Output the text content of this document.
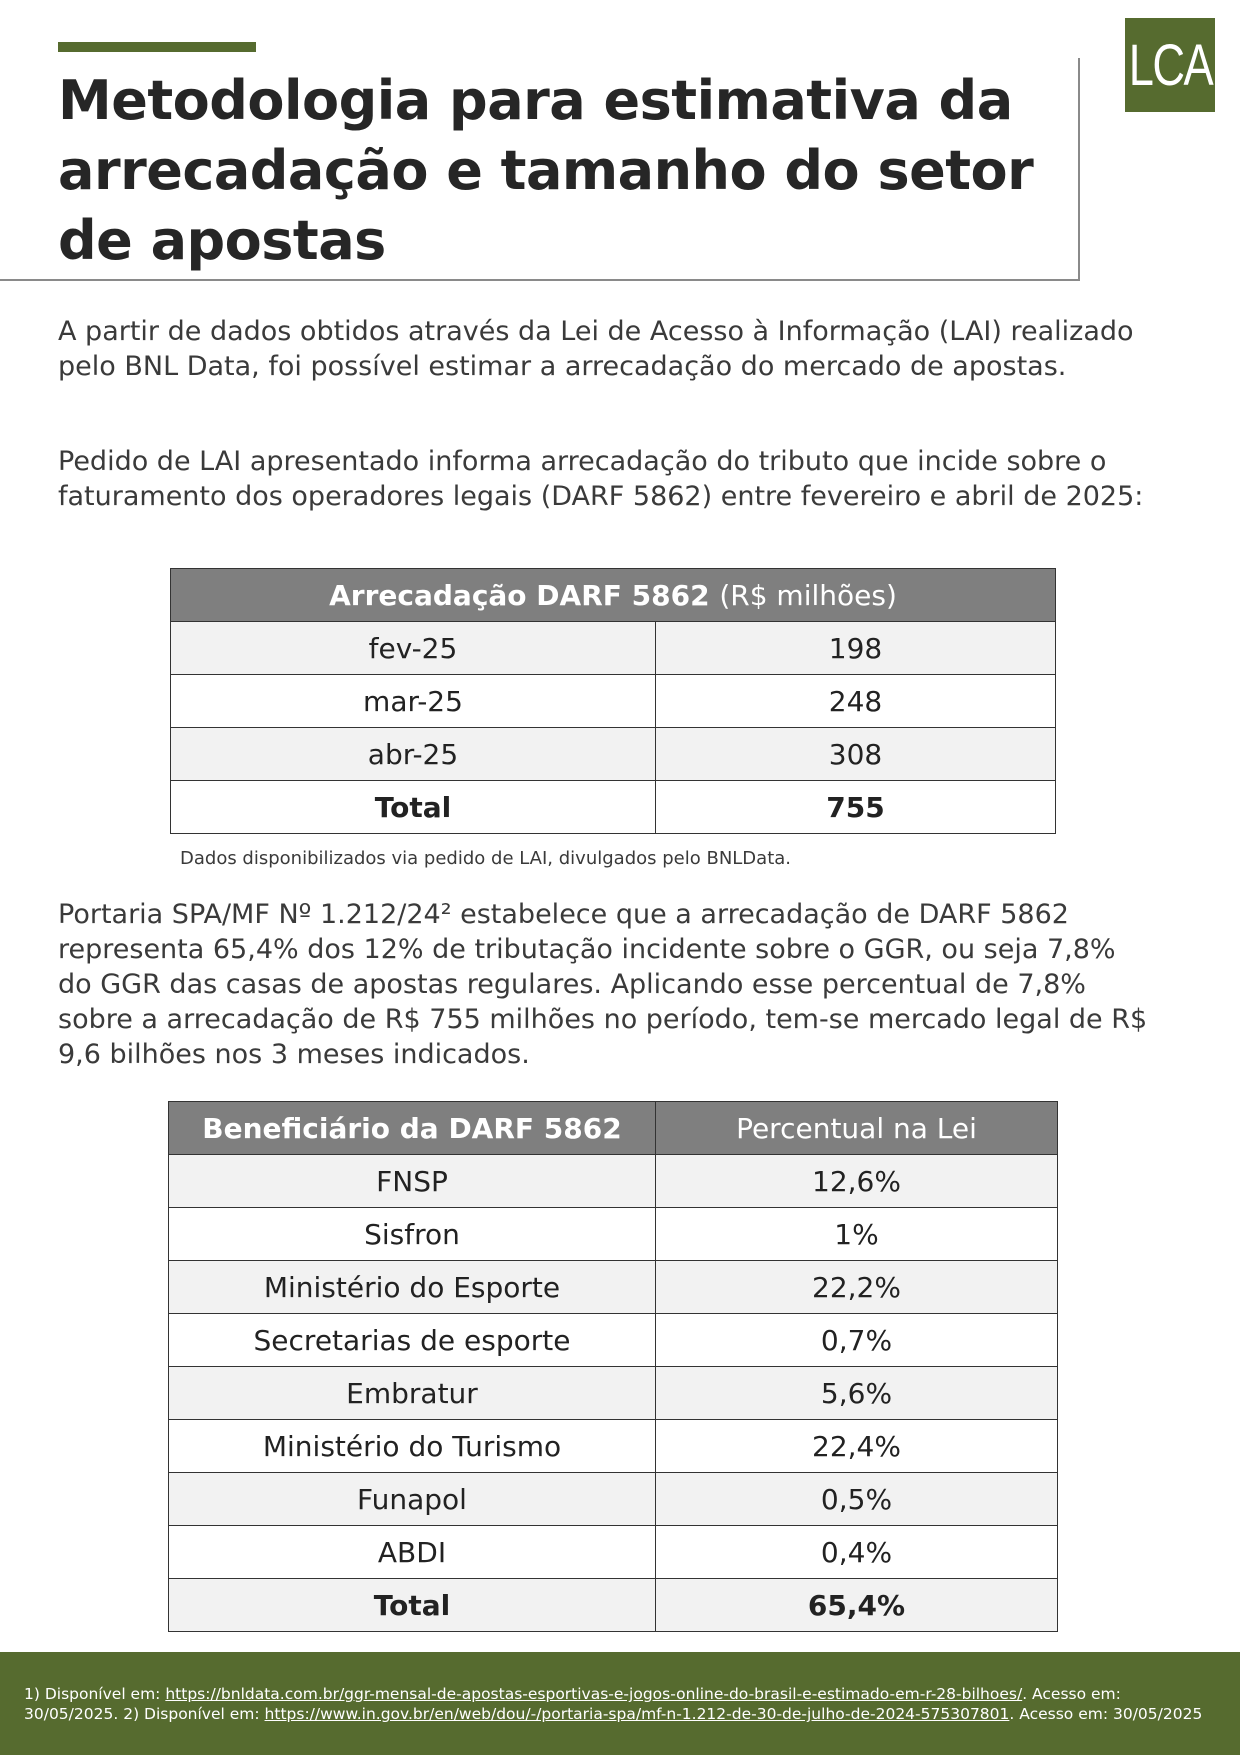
LCA
Metodologia para estimativa da arrecadação e tamanho do setor de apostas

A partir de dados obtidos através da Lei de Acesso à Informação (LAI) realizado pelo BNL Data, foi possível estimar a arrecadação do mercado de apostas.

Pedido de LAI apresentado informa arrecadação do tributo que incide sobre o faturamento dos operadores legais (DARF 5862) entre fevereiro e abril de 2025:

Arrecadação DARF 5862 (R$ milhões)	
fev-25	198
mar-25	248
abr-25	308
Total	755

Dados disponibilizados via pedido de LAI, divulgados pelo BNLData.

Portaria SPA/MF Nº 1.212/24² estabelece que a arrecadação de DARF 5862 representa 65,4% dos 12% de tributação incidente sobre o GGR, ou seja 7,8% do GGR das casas de apostas regulares. Aplicando esse percentual de 7,8% sobre a arrecadação de R$ 755 milhões no período, tem-se mercado legal de R$ 9,6 bilhões nos 3 meses indicados.

Beneficiário da DARF 5862	Percentual na Lei
FNSP	12,6%
Sisfron	1%
Ministério do Esporte	22,2%
Secretarias de esporte	0,7%
Embratur	5,6%
Ministério do Turismo	22,4%
Funapol	0,5%
ABDI	0,4%
Total	65,4%

1) Disponível em: https://bnldata.com.br/ggr-mensal-de-apostas-esportivas-e-jogos-online-do-brasil-e-estimado-em-r-28-bilhoes/. Acesso em: 30/05/2025. 2) Disponível em: https://www.in.gov.br/en/web/dou/-/portaria-spa/mf-n-1.212-de-30-de-julho-de-2024-575307801. Acesso em: 30/05/2025
